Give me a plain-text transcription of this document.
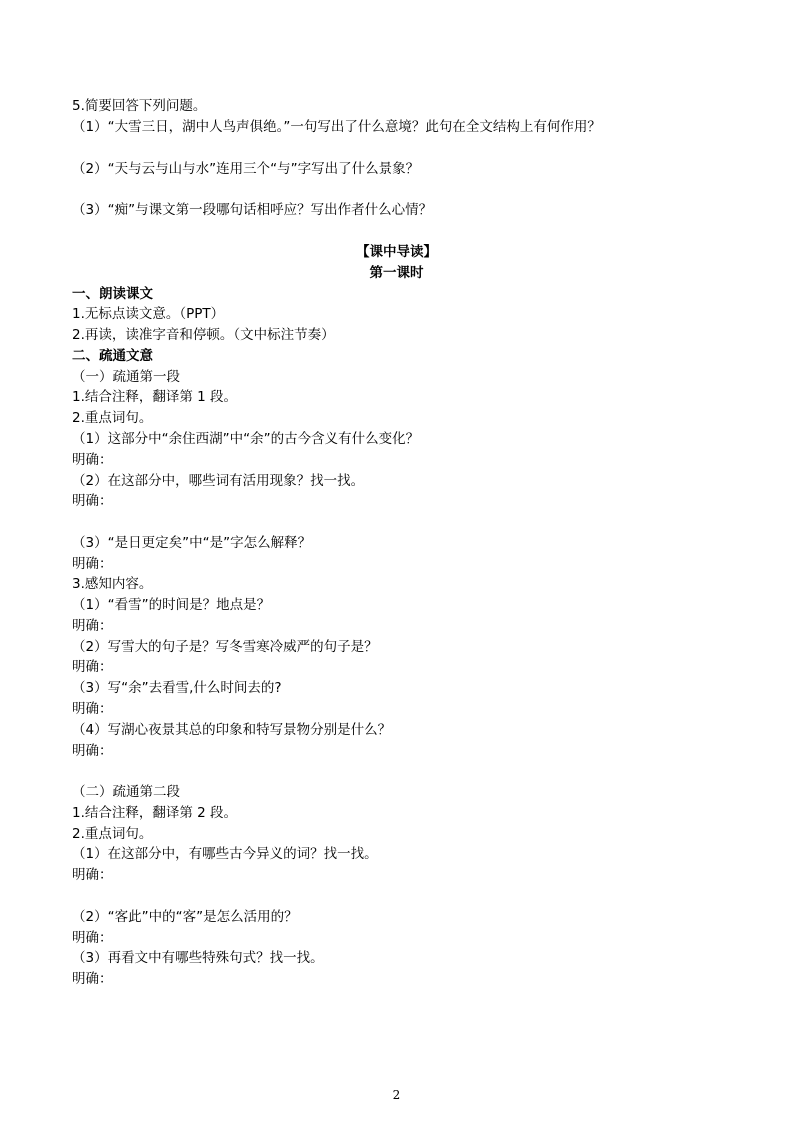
5.简要回答下列问题。
（1）“大雪三日，湖中人鸟声俱绝。”一句写出了什么意境？此句在全文结构上有何作用？
（2）“天与云与山与水”连用三个“与”字写出了什么景象？
（3）“痴”与课文第一段哪句话相呼应？写出作者什么心情？
【课中导读】
第一课时
一、朗读课文
1.无标点读文意。（PPT）
2.再读，读准字音和停顿。（文中标注节奏）
二、疏通文意
（一）疏通第一段
1.结合注释，翻译第 1 段。
2.重点词句。
（1）这部分中“余住西湖”中“余”的古今含义有什么变化？
明确：
（2）在这部分中，哪些词有活用现象？找一找。
明确：
（3）“是日更定矣”中“是”字怎么解释？
明确：
3.感知内容。
（1）“看雪”的时间是？地点是？
明确：
（2）写雪大的句子是？写冬雪寒冷威严的句子是？
明确：
（3）写“余”去看雪,什么时间去的?
明确：
（4）写湖心夜景其总的印象和特写景物分别是什么？
明确：
（二）疏通第二段
1.结合注释，翻译第 2 段。
2.重点词句。
（1）在这部分中，有哪些古今异义的词？找一找。
明确：
（2）“客此”中的“客”是怎么活用的？
明确：
（3）再看文中有哪些特殊句式？找一找。
明确：
2
